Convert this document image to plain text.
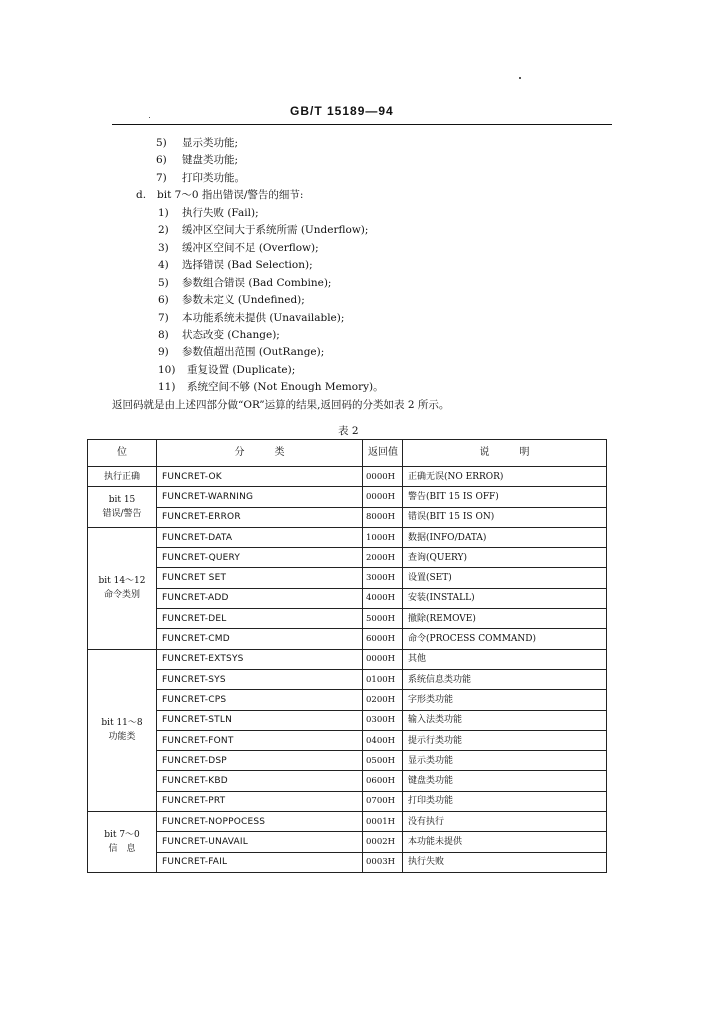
GB/T 15189—94
5) 显示类功能;
6) 键盘类功能;
7) 打印类功能。
d. bit 7～0 指出错误/警告的细节:
1) 执行失败 (Fail);
2) 缓冲区空间大于系统所需 (Underflow);
3) 缓冲区空间不足 (Overflow);
4) 选择错误 (Bad Selection);
5) 参数组合错误 (Bad Combine);
6) 参数未定义 (Undefined);
7) 本功能系统未提供 (Unavailable);
8) 状态改变 (Change);
9) 参数值超出范围 (OutRange);
10) 重复设置 (Duplicate);
11) 系统空间不够 (Not Enough Memory)。
返回码就是由上述四部分做“OR”运算的结果,返回码的分类如表 2 所示。
表 2
位	分　　　类	返回值	说　　　明
执行正确	FUNCRET-OK	0000H	正确无误(NO ERROR)
bit 15
错误/警告	FUNCRET-WARNING	0000H	警告(BIT 15 IS OFF)
	FUNCRET-ERROR	8000H	错误(BIT 15 IS ON)
bit 14～12
命令类别	FUNCRET-DATA	1000H	数据(INFO/DATA)
	FUNCRET-QUERY	2000H	查询(QUERY)
	FUNCRET SET	3000H	设置(SET)
	FUNCRET-ADD	4000H	安装(INSTALL)
	FUNCRET-DEL	5000H	撤除(REMOVE)
	FUNCRET-CMD	6000H	命令(PROCESS COMMAND)
bit 11～8
功能类	FUNCRET-EXTSYS	0000H	其他
	FUNCRET-SYS	0100H	系统信息类功能
	FUNCRET-CPS	0200H	字形类功能
	FUNCRET-STLN	0300H	输入法类功能
	FUNCRET-FONT	0400H	提示行类功能
	FUNCRET-DSP	0500H	显示类功能
	FUNCRET-KBD	0600H	键盘类功能
	FUNCRET-PRT	0700H	打印类功能
bit 7～0
信　息	FUNCRET-NOPPOCESS	0001H	没有执行
	FUNCRET-UNAVAIL	0002H	本功能未提供
	FUNCRET-FAIL	0003H	执行失败
